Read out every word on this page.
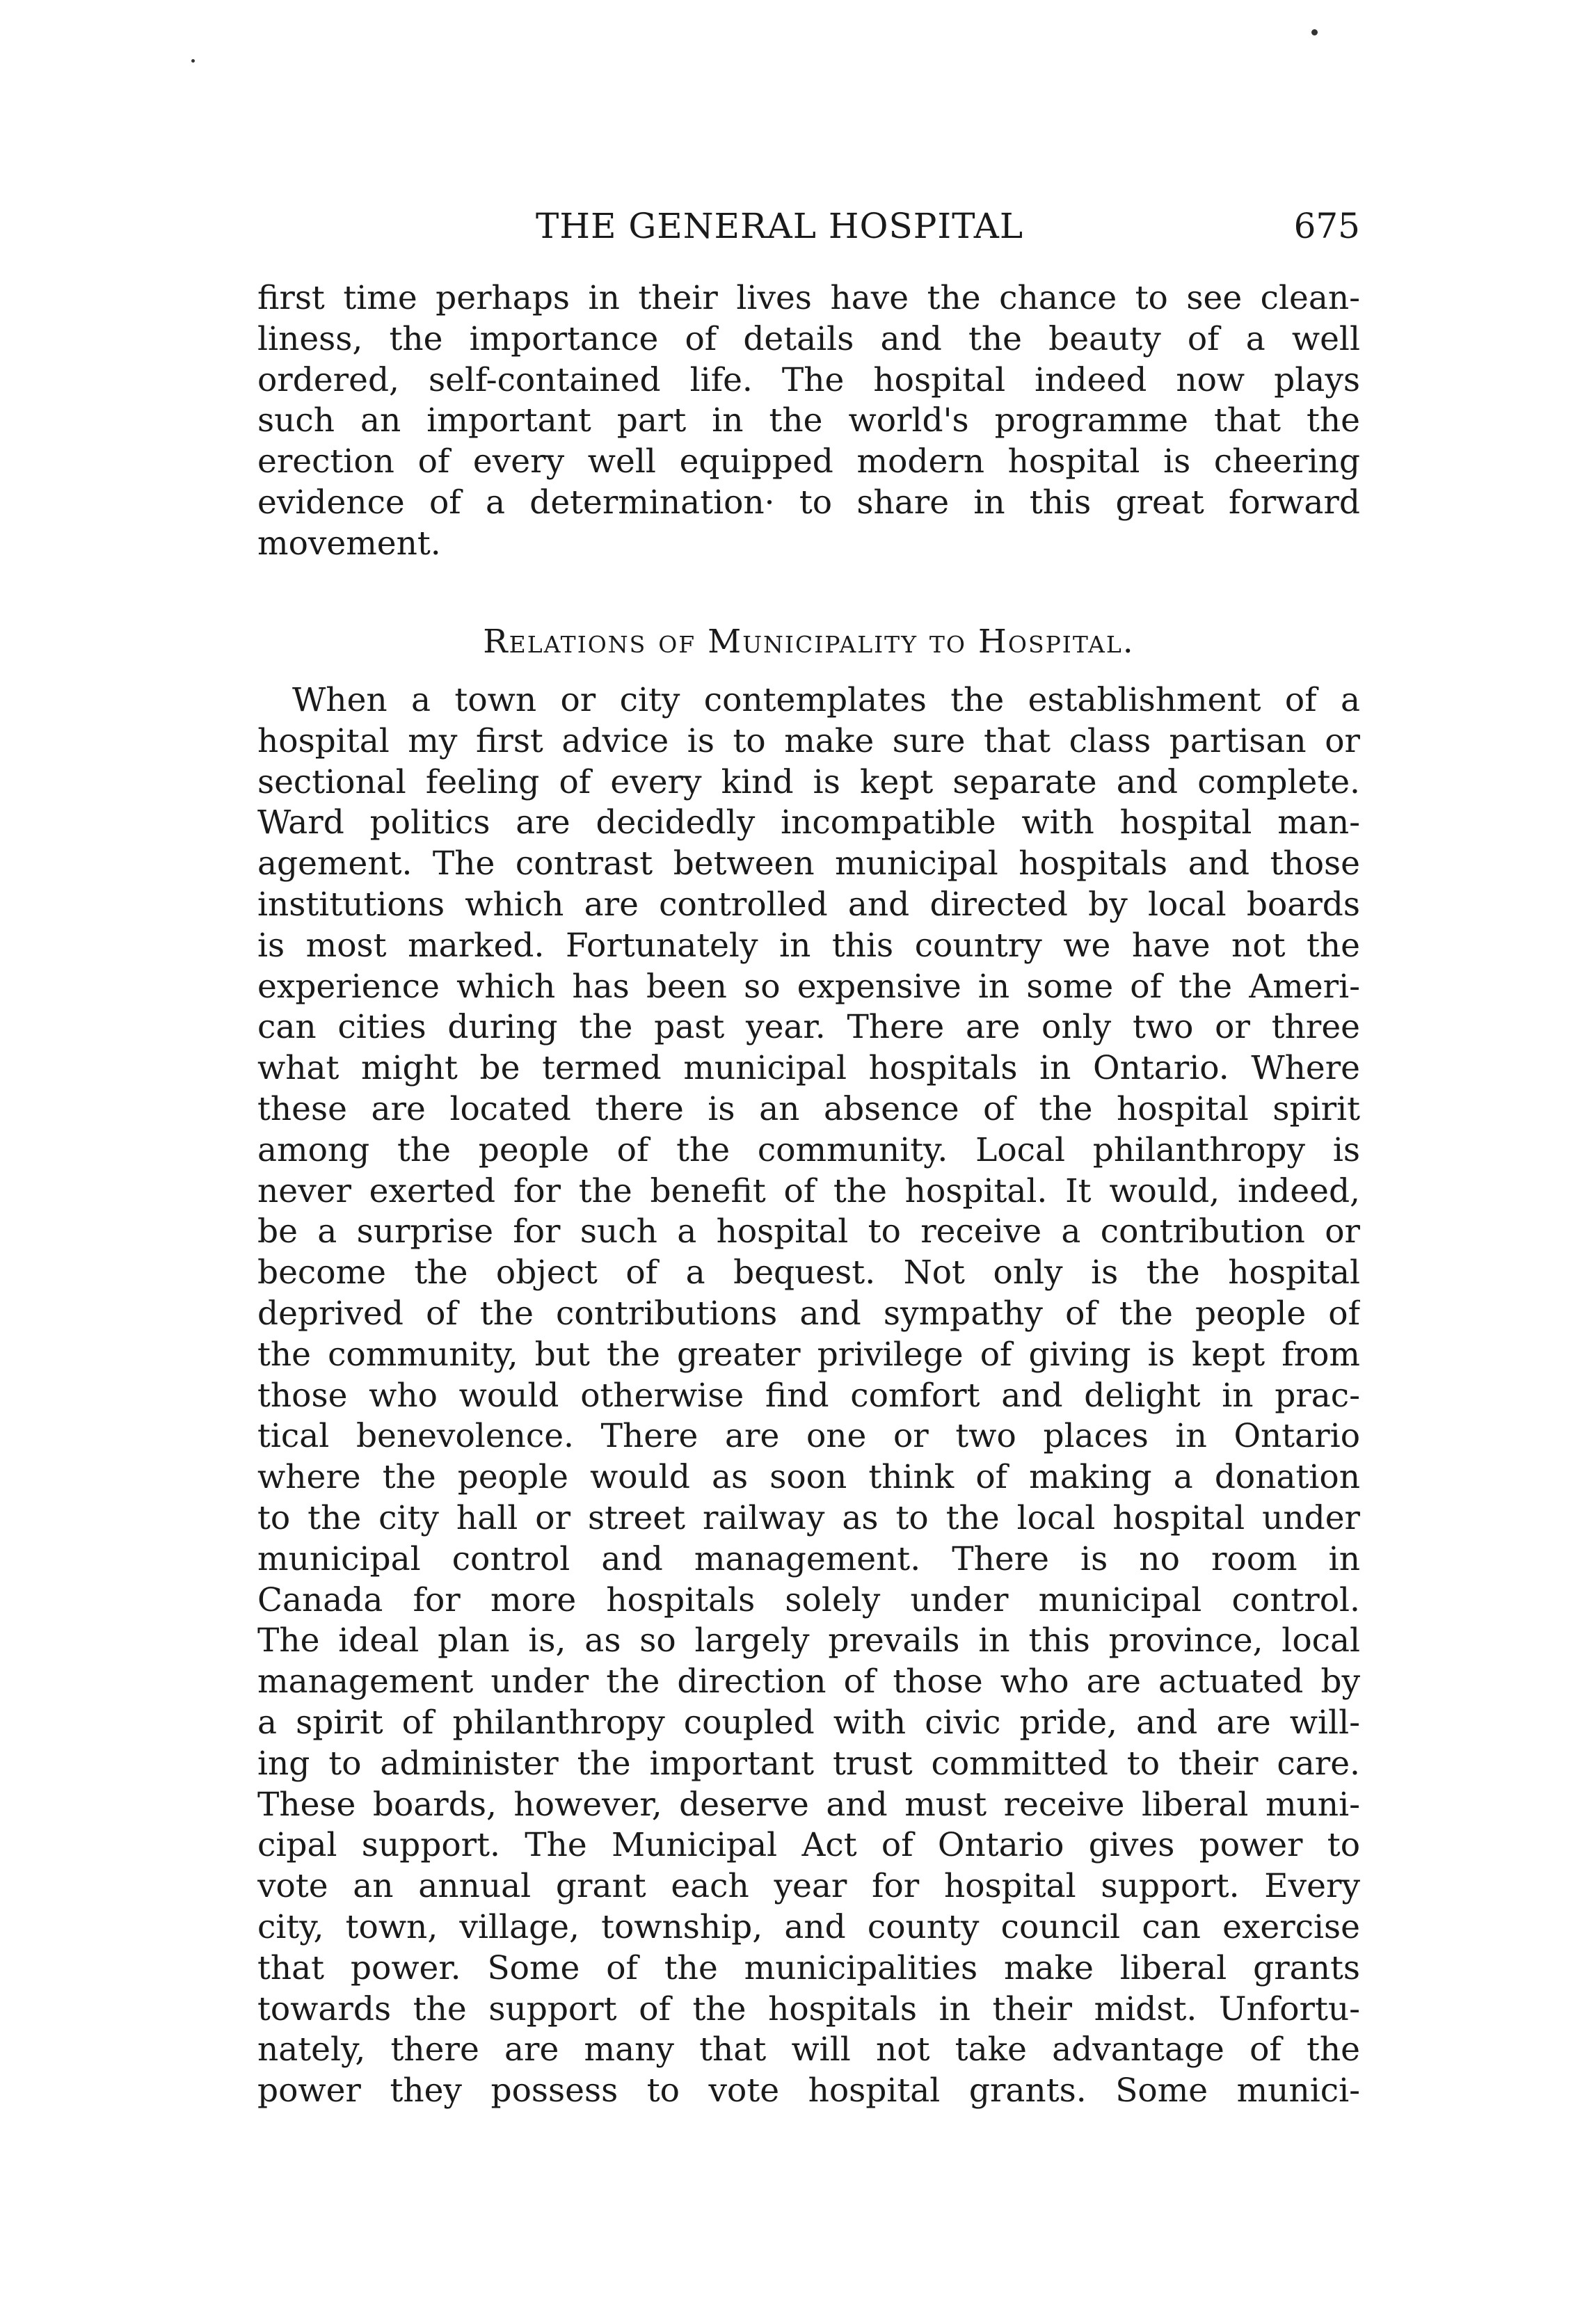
THE GENERAL HOSPITAL	675
first time perhaps in their lives have the chance to see clean-
liness, the importance of details and the beauty of a well
ordered, self-contained life. The hospital indeed now plays
such an important part in the world's programme that the
erection of every well equipped modern hospital is cheering
evidence of a determination· to share in this great forward
movement.
Relations of Municipality to Hospital.
When a town or city contemplates the establishment of a
hospital my first advice is to make sure that class partisan or
sectional feeling of every kind is kept separate and complete.
Ward politics are decidedly incompatible with hospital man-
agement. The contrast between municipal hospitals and those
institutions which are controlled and directed by local boards
is most marked. Fortunately in this country we have not the
experience which has been so expensive in some of the Ameri-
can cities during the past year. There are only two or three
what might be termed municipal hospitals in Ontario. Where
these are located there is an absence of the hospital spirit
among the people of the community. Local philanthropy is
never exerted for the benefit of the hospital. It would, indeed,
be a surprise for such a hospital to receive a contribution or
become the object of a bequest. Not only is the hospital
deprived of the contributions and sympathy of the people of
the community, but the greater privilege of giving is kept from
those who would otherwise find comfort and delight in prac-
tical benevolence. There are one or two places in Ontario
where the people would as soon think of making a donation
to the city hall or street railway as to the local hospital under
municipal control and management. There is no room in
Canada for more hospitals solely under municipal control.
The ideal plan is, as so largely prevails in this province, local
management under the direction of those who are actuated by
a spirit of philanthropy coupled with civic pride, and are will-
ing to administer the important trust committed to their care.
These boards, however, deserve and must receive liberal muni-
cipal support. The Municipal Act of Ontario gives power to
vote an annual grant each year for hospital support. Every
city, town, village, township, and county council can exercise
that power. Some of the municipalities make liberal grants
towards the support of the hospitals in their midst. Unfortu-
nately, there are many that will not take advantage of the
power they possess to vote hospital grants. Some munici-
